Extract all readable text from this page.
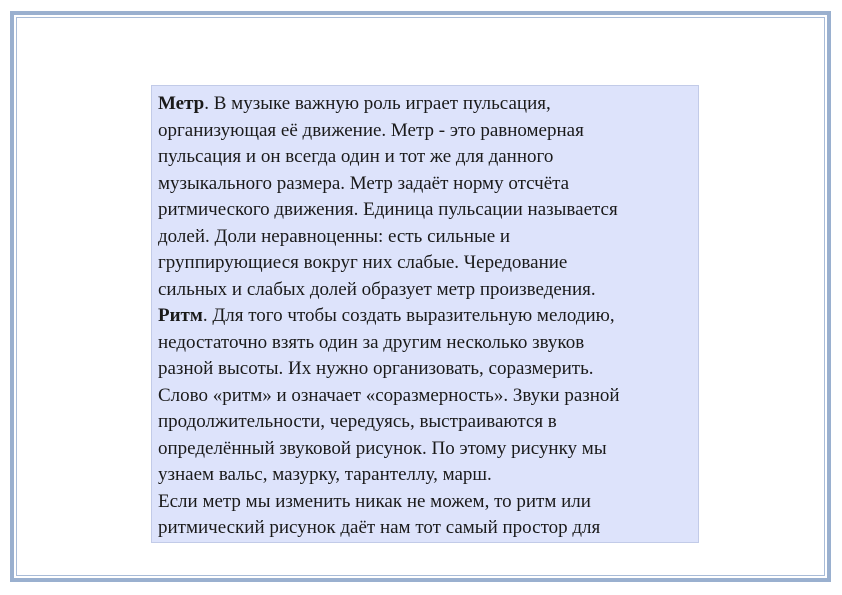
Метр. В музыке важную роль играет пульсация,

организующая её движение. Метр - это равномерная

пульсация и он всегда один и тот же для данного

музыкального размера. Метр задаёт норму отсчёта

ритмического движения. Единица пульсации называется

долей. Доли неравноценны: есть сильные и

группирующиеся вокруг них слабые. Чередование

сильных и слабых долей образует метр произведения.

Ритм. Для того чтобы создать выразительную мелодию,

недостаточно взять один за другим несколько звуков

разной высоты. Их нужно организовать, соразмерить.

Слово «ритм» и означает «соразмерность». Звуки разной

продолжительности, чередуясь, выстраиваются в

определённый звуковой рисунок. По этому рисунку мы

узнаем вальс, мазурку, тарантеллу, марш.

Если метр мы изменить никак не можем, то ритм или

ритмический рисунок даёт нам тот самый простор для
